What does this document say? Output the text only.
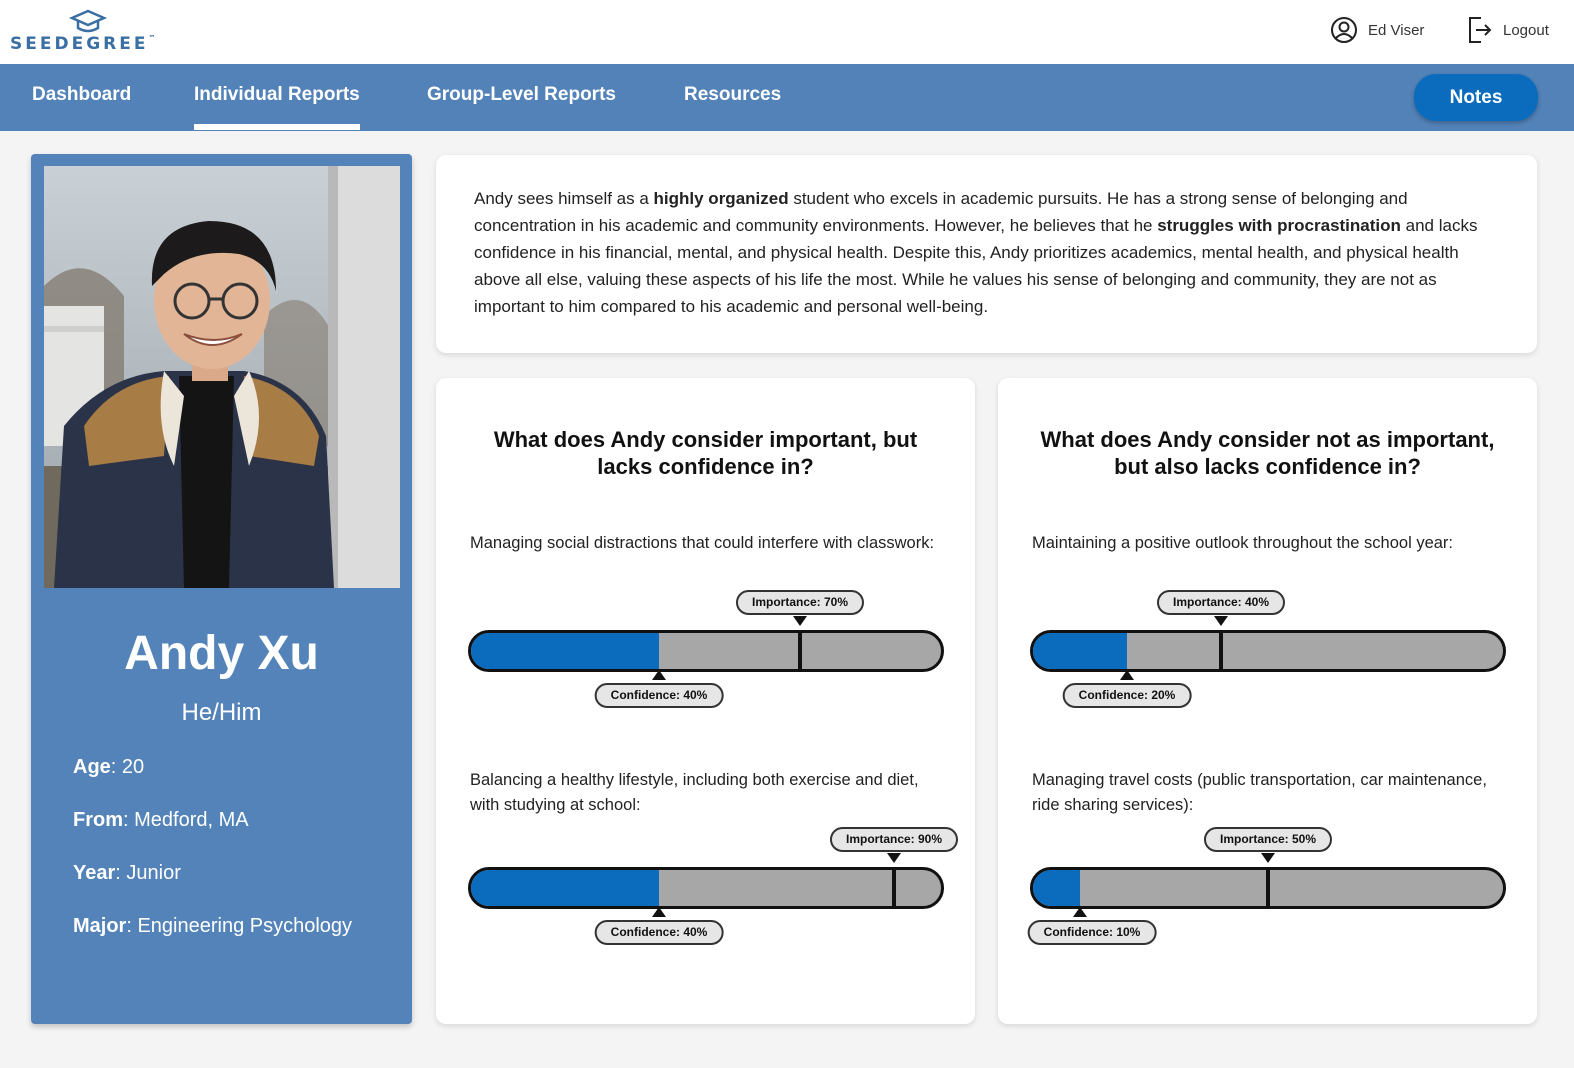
SEEDEGREE™	Ed Viser	Logout
Dashboard	Individual Reports	Group-Level Reports	Resources	Notes
Andy Xu
He/Him
Age: 20
From: Medford, MA
Year: Junior
Major: Engineering Psychology

Andy sees himself as a highly organized student who excels in academic pursuits. He has a strong sense of belonging and concentration in his academic and community environments. However, he believes that he struggles with procrastination and lacks confidence in his financial, mental, and physical health. Despite this, Andy prioritizes academics, mental health, and physical health above all else, valuing these aspects of his life the most. While he values his sense of belonging and community, they are not as important to him compared to his academic and personal well-being.

What does Andy consider important, but lacks confidence in?
Managing social distractions that could interfere with classwork:
Balancing a healthy lifestyle, including both exercise and diet, with studying at school:
Importance: 70%
Confidence: 40%
Importance: 90%
Confidence: 40%
What does Andy consider not as important, but also lacks confidence in?
Maintaining a positive outlook throughout the school year:
Managing travel costs (public transportation, car maintenance, ride sharing services):
Importance: 40%
Confidence: 20%
Importance: 50%
Confidence: 10%
